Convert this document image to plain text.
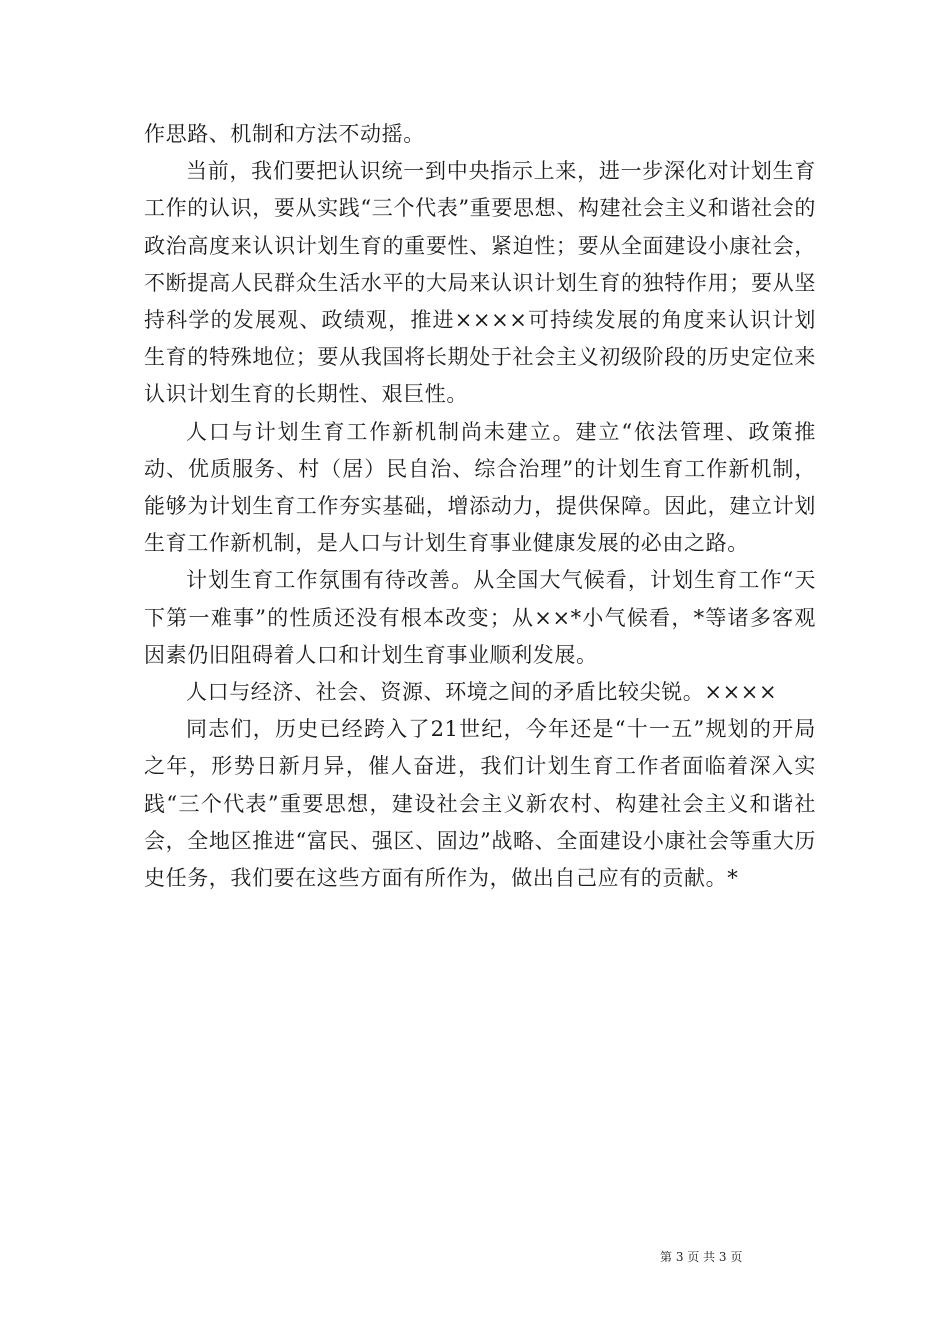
作思路、机制和方法不动摇。

当前，我们要把认识统一到中央指示上来，进一步深化对计划生育工作的认识，要从实践“三个代表”重要思想、构建社会主义和谐社会的政治高度来认识计划生育的重要性、紧迫性；要从全面建设小康社会，不断提高人民群众生活水平的大局来认识计划生育的独特作用；要从坚持科学的发展观、政绩观，推进××××可持续发展的角度来认识计划生育的特殊地位；要从我国将长期处于社会主义初级阶段的历史定位来认识计划生育的长期性、艰巨性。

人口与计划生育工作新机制尚未建立。建立“依法管理、政策推动、优质服务、村（居）民自治、综合治理”的计划生育工作新机制，能够为计划生育工作夯实基础，增添动力，提供保障。因此，建立计划生育工作新机制，是人口与计划生育事业健康发展的必由之路。

计划生育工作氛围有待改善。从全国大气候看，计划生育工作“天下第一难事”的性质还没有根本改变；从××*小气候看，*等诸多客观因素仍旧阻碍着人口和计划生育事业顺利发展。

人口与经济、社会、资源、环境之间的矛盾比较尖锐。××××

同志们，历史已经跨入了21世纪，今年还是“十一五”规划的开局之年，形势日新月异，催人奋进，我们计划生育工作者面临着深入实践“三个代表”重要思想，建设社会主义新农村、构建社会主义和谐社会，全地区推进“富民、强区、固边”战略、全面建设小康社会等重大历史任务，我们要在这些方面有所作为，做出自己应有的贡献。*

第 3 页 共 3 页
